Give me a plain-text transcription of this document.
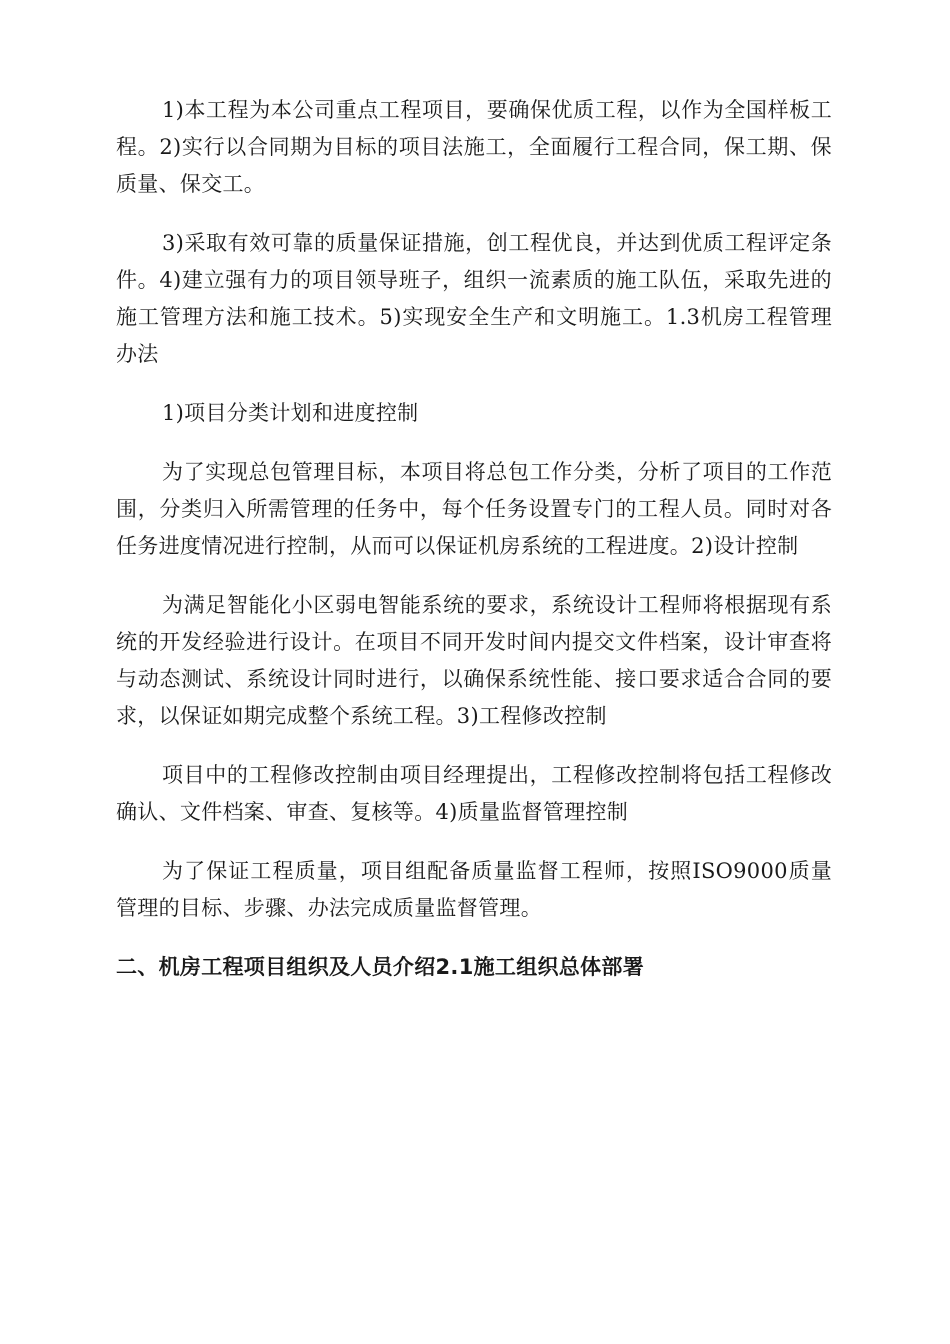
1)本工程为本公司重点工程项目，要确保优质工程，以作为全国样板工程。2)实行以合同期为目标的项目法施工，全面履行工程合同，保工期、保质量、保交工。

3)采取有效可靠的质量保证措施，创工程优良，并达到优质工程评定条件。4)建立强有力的项目领导班子，组织一流素质的施工队伍，采取先进的施工管理方法和施工技术。5)实现安全生产和文明施工。1.3机房工程管理办法

1)项目分类计划和进度控制

为了实现总包管理目标，本项目将总包工作分类，分析了项目的工作范围，分类归入所需管理的任务中，每个任务设置专门的工程人员。同时对各任务进度情况进行控制，从而可以保证机房系统的工程进度。2)设计控制

为满足智能化小区弱电智能系统的要求，系统设计工程师将根据现有系统的开发经验进行设计。在项目不同开发时间内提交文件档案，设计审查将与动态测试、系统设计同时进行，以确保系统性能、接口要求适合合同的要求，以保证如期完成整个系统工程。3)工程修改控制

项目中的工程修改控制由项目经理提出，工程修改控制将包括工程修改确认、文件档案、审查、复核等。4)质量监督管理控制

为了保证工程质量，项目组配备质量监督工程师，按照ISO9000质量管理的目标、步骤、办法完成质量监督管理。

二、机房工程项目组织及人员介绍2.1施工组织总体部署
